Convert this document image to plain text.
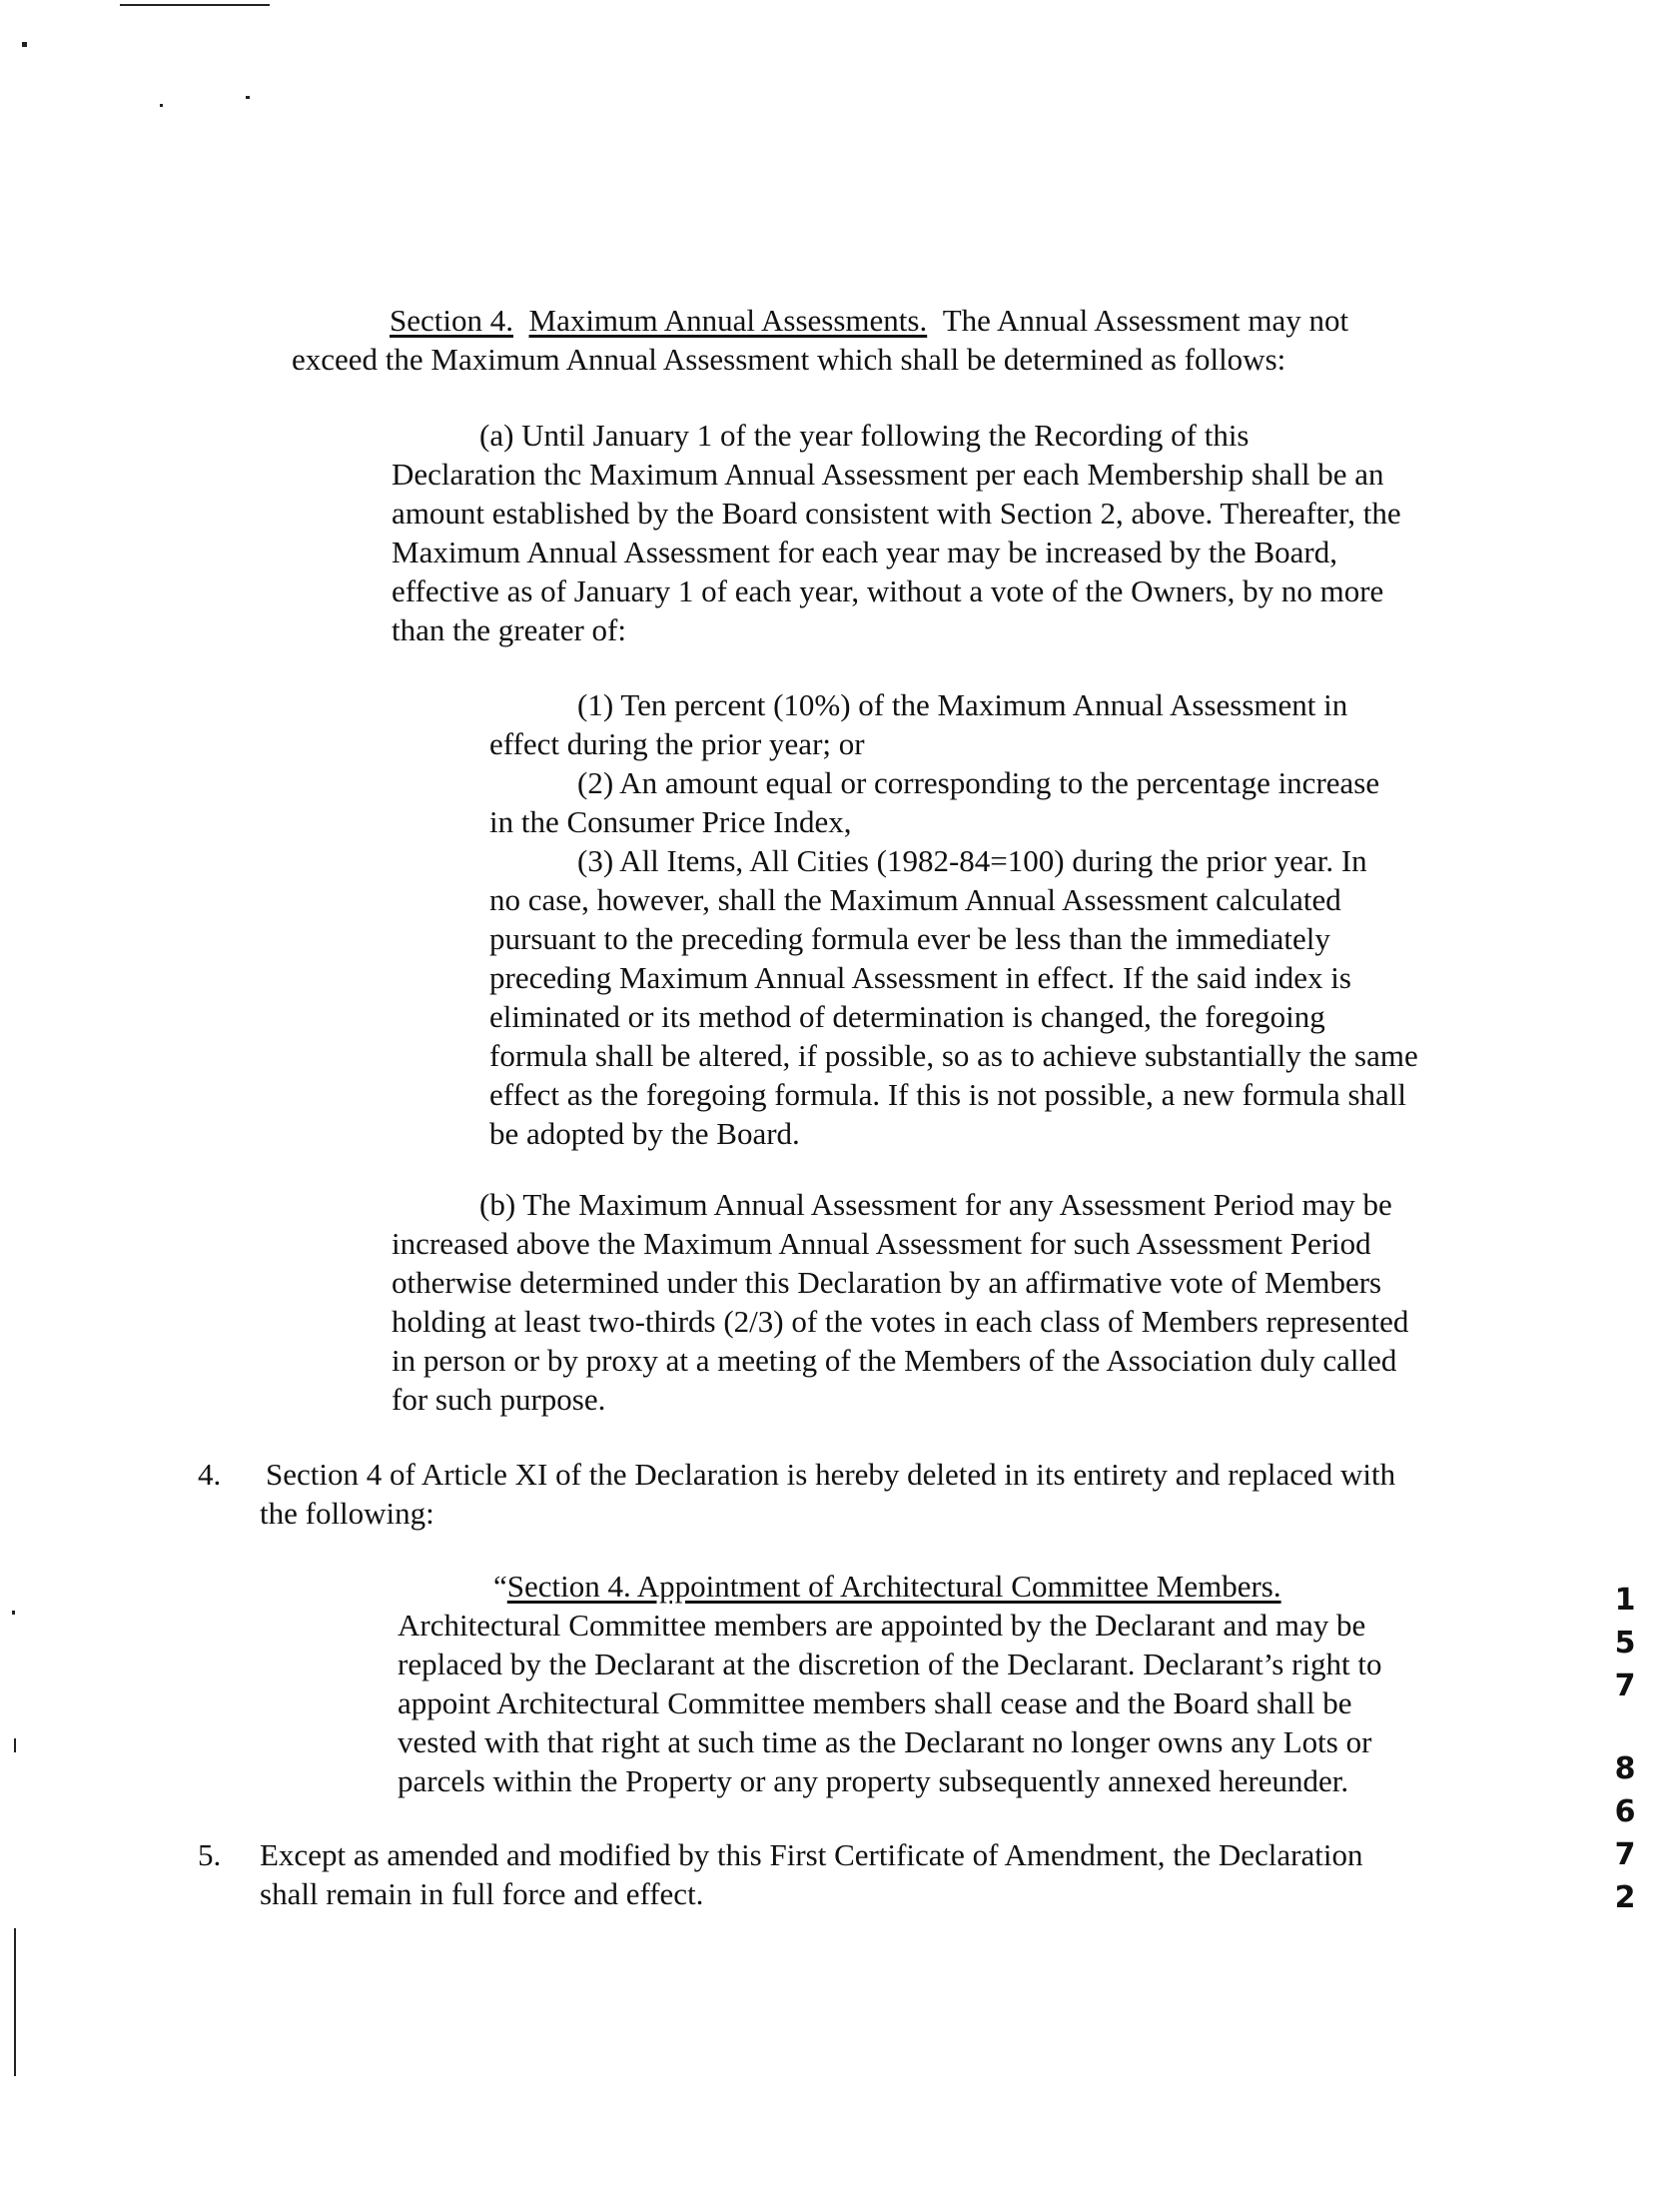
Section 4. Maximum Annual Assessments. The Annual Assessment may not
exceed the Maximum Annual Assessment which shall be determined as follows:

(a) Until January 1 of the year following the Recording of this
Declaration thc Maximum Annual Assessment per each Membership shall be an
amount established by the Board consistent with Section 2, above. Thereafter, the
Maximum Annual Assessment for each year may be increased by the Board,
effective as of January 1 of each year, without a vote of the Owners, by no more
than the greater of:

(1) Ten percent (10%) of the Maximum Annual Assessment in
effect during the prior year; or
(2) An amount equal or corresponding to the percentage increase
in the Consumer Price Index,
(3) All Items, All Cities (1982-84=100) during the prior year. In
no case, however, shall the Maximum Annual Assessment calculated
pursuant to the preceding formula ever be less than the immediately
preceding Maximum Annual Assessment in effect. If the said index is
eliminated or its method of determination is changed, the foregoing
formula shall be altered, if possible, so as to achieve substantially the same
effect as the foregoing formula. If this is not possible, a new formula shall
be adopted by the Board.

(b) The Maximum Annual Assessment for any Assessment Period may be
increased above the Maximum Annual Assessment for such Assessment Period
otherwise determined under this Declaration by an affirmative vote of Members
holding at least two-thirds (2/3) of the votes in each class of Members represented
in person or by proxy at a meeting of the Members of the Association duly called
for such purpose.

4. Section 4 of Article XI of the Declaration is hereby deleted in its entirety and replaced with
the following:

“Section 4. Appointment of Architectural Committee Members.
Architectural Committee members are appointed by the Declarant and may be
replaced by the Declarant at the discretion of the Declarant. Declarant’s right to
appoint Architectural Committee members shall cease and the Board shall be
vested with that right at such time as the Declarant no longer owns any Lots or
parcels within the Property or any property subsequently annexed hereunder.

5. Except as amended and modified by this First Certificate of Amendment, the Declaration
shall remain in full force and effect.

1
5
7
8
6
7
2
